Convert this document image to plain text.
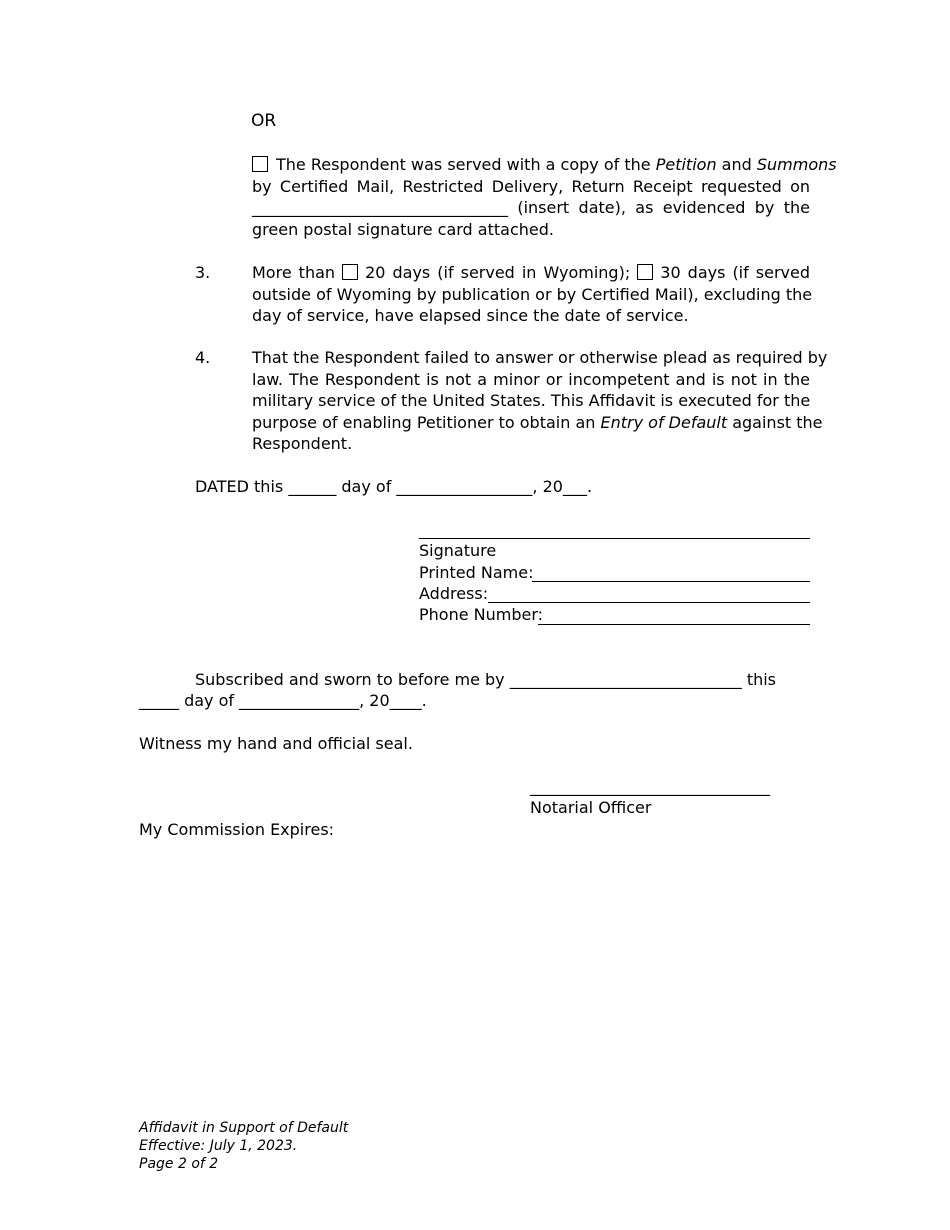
OR
The Respondent was served with a copy of the Petition and Summons
by Certified Mail, Restricted Delivery, Return Receipt requested on
________________________________ (insert date), as evidenced by the
green postal signature card attached.
3.	More than 20 days (if served in Wyoming); 30 days (if served
outside of Wyoming by publication or by Certified Mail), excluding the
day of service, have elapsed since the date of service.
4.	That the Respondent failed to answer or otherwise plead as required by
law. The Respondent is not a minor or incompetent and is not in the
military service of the United States. This Affidavit is executed for the
purpose of enabling Petitioner to obtain an Entry of Default against the
Respondent.
DATED this ______ day of _________________, 20___.
Signature
Printed Name:
Address:
Phone Number:
Subscribed and sworn to before me by _____________________________ this
_____ day of _______________, 20____.
Witness my hand and official seal.
______________________________
Notarial Officer
My Commission Expires:
Affidavit in Support of Default
Effective: July 1, 2023.
Page 2 of 2
